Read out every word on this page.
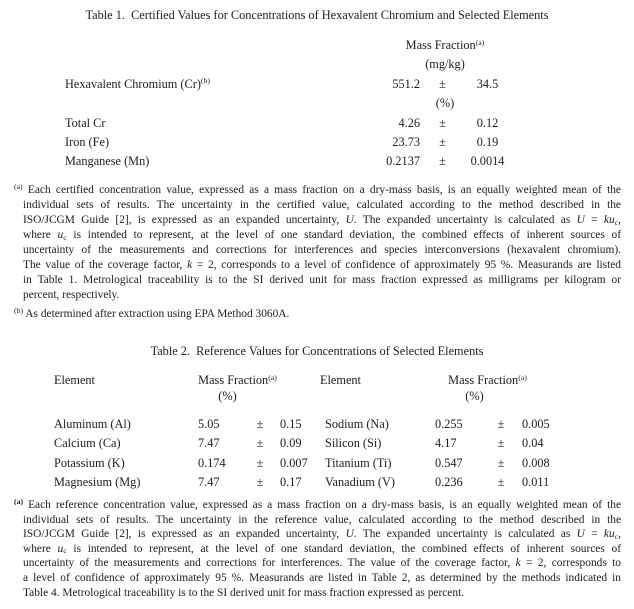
Table 1.  Certified Values for Concentrations of Hexavalent Chromium and Selected Elements
Mass Fraction$^{(a)}$
(mg/kg)
Hexavalent Chromium $(Cr)^{(b)}$	551.2	±	34.5
(%)
Total Cr	4.26	±	0.12
Iron (Fe)	23.73	±	0.19
Manganese (Mn)	0.2137	±	0.0014
$^{(a)}$ Each certified concentration value, expressed as a mass fraction on a dry-mass basis, is an equally weighted mean of the
individual sets of results. The uncertainty in the certified value, calculated according to the method described in the
ISO/JCGM Guide [2], is expressed as an expanded uncertainty, U. The expanded uncertainty is calculated as $U = ku_c$,
where $u_c$ is intended to represent, at the level of one standard deviation, the combined effects of inherent sources of
uncertainty of the measurements and corrections for interferences and species interconversions (hexavalent chromium).
The value of the coverage factor, k = 2, corresponds to a level of confidence of approximately 95 %. Measurands are listed
in Table 1. Metrological traceability is to the SI derived unit for mass fraction expressed as milligrams per kilogram or
percent, respectively.
$^{(b)}$ As determined after extraction using EPA Method 3060A.
Table 2.  Reference Values for Concentrations of Selected Elements
Element	Mass Fraction$^{(a)}$	Element	Mass Fraction$^{(a)}$
(%)	(%)
Aluminum (Al)	5.05	±	0.15	Sodium (Na)	0.255	±	0.005
Calcium (Ca)	7.47	±	0.09	Silicon (Si)	4.17	±	0.04
Potassium (K)	0.174	±	0.007	Titanium (Ti)	0.547	±	0.008
Magnesium (Mg)	7.47	±	0.17	Vanadium (V)	0.236	±	0.011
$^{(a)}$ Each reference concentration value, expressed as a mass fraction on a dry-mass basis, is an equally weighted mean of the
individual sets of results. The uncertainty in the reference value, calculated according to the method described in the
ISO/JCGM Guide [2], is expressed as an expanded uncertainty, U. The expanded uncertainty is calculated as $U = ku_c$,
where $u_c$ is intended to represent, at the level of one standard deviation, the combined effects of inherent sources of
uncertainty of the measurements and corrections for interferences. The value of the coverage factor, k = 2, corresponds to
a level of confidence of approximately 95 %. Measurands are listed in Table 2, as determined by the methods indicated in
Table 4. Metrological traceability is to the SI derived unit for mass fraction expressed as percent.
